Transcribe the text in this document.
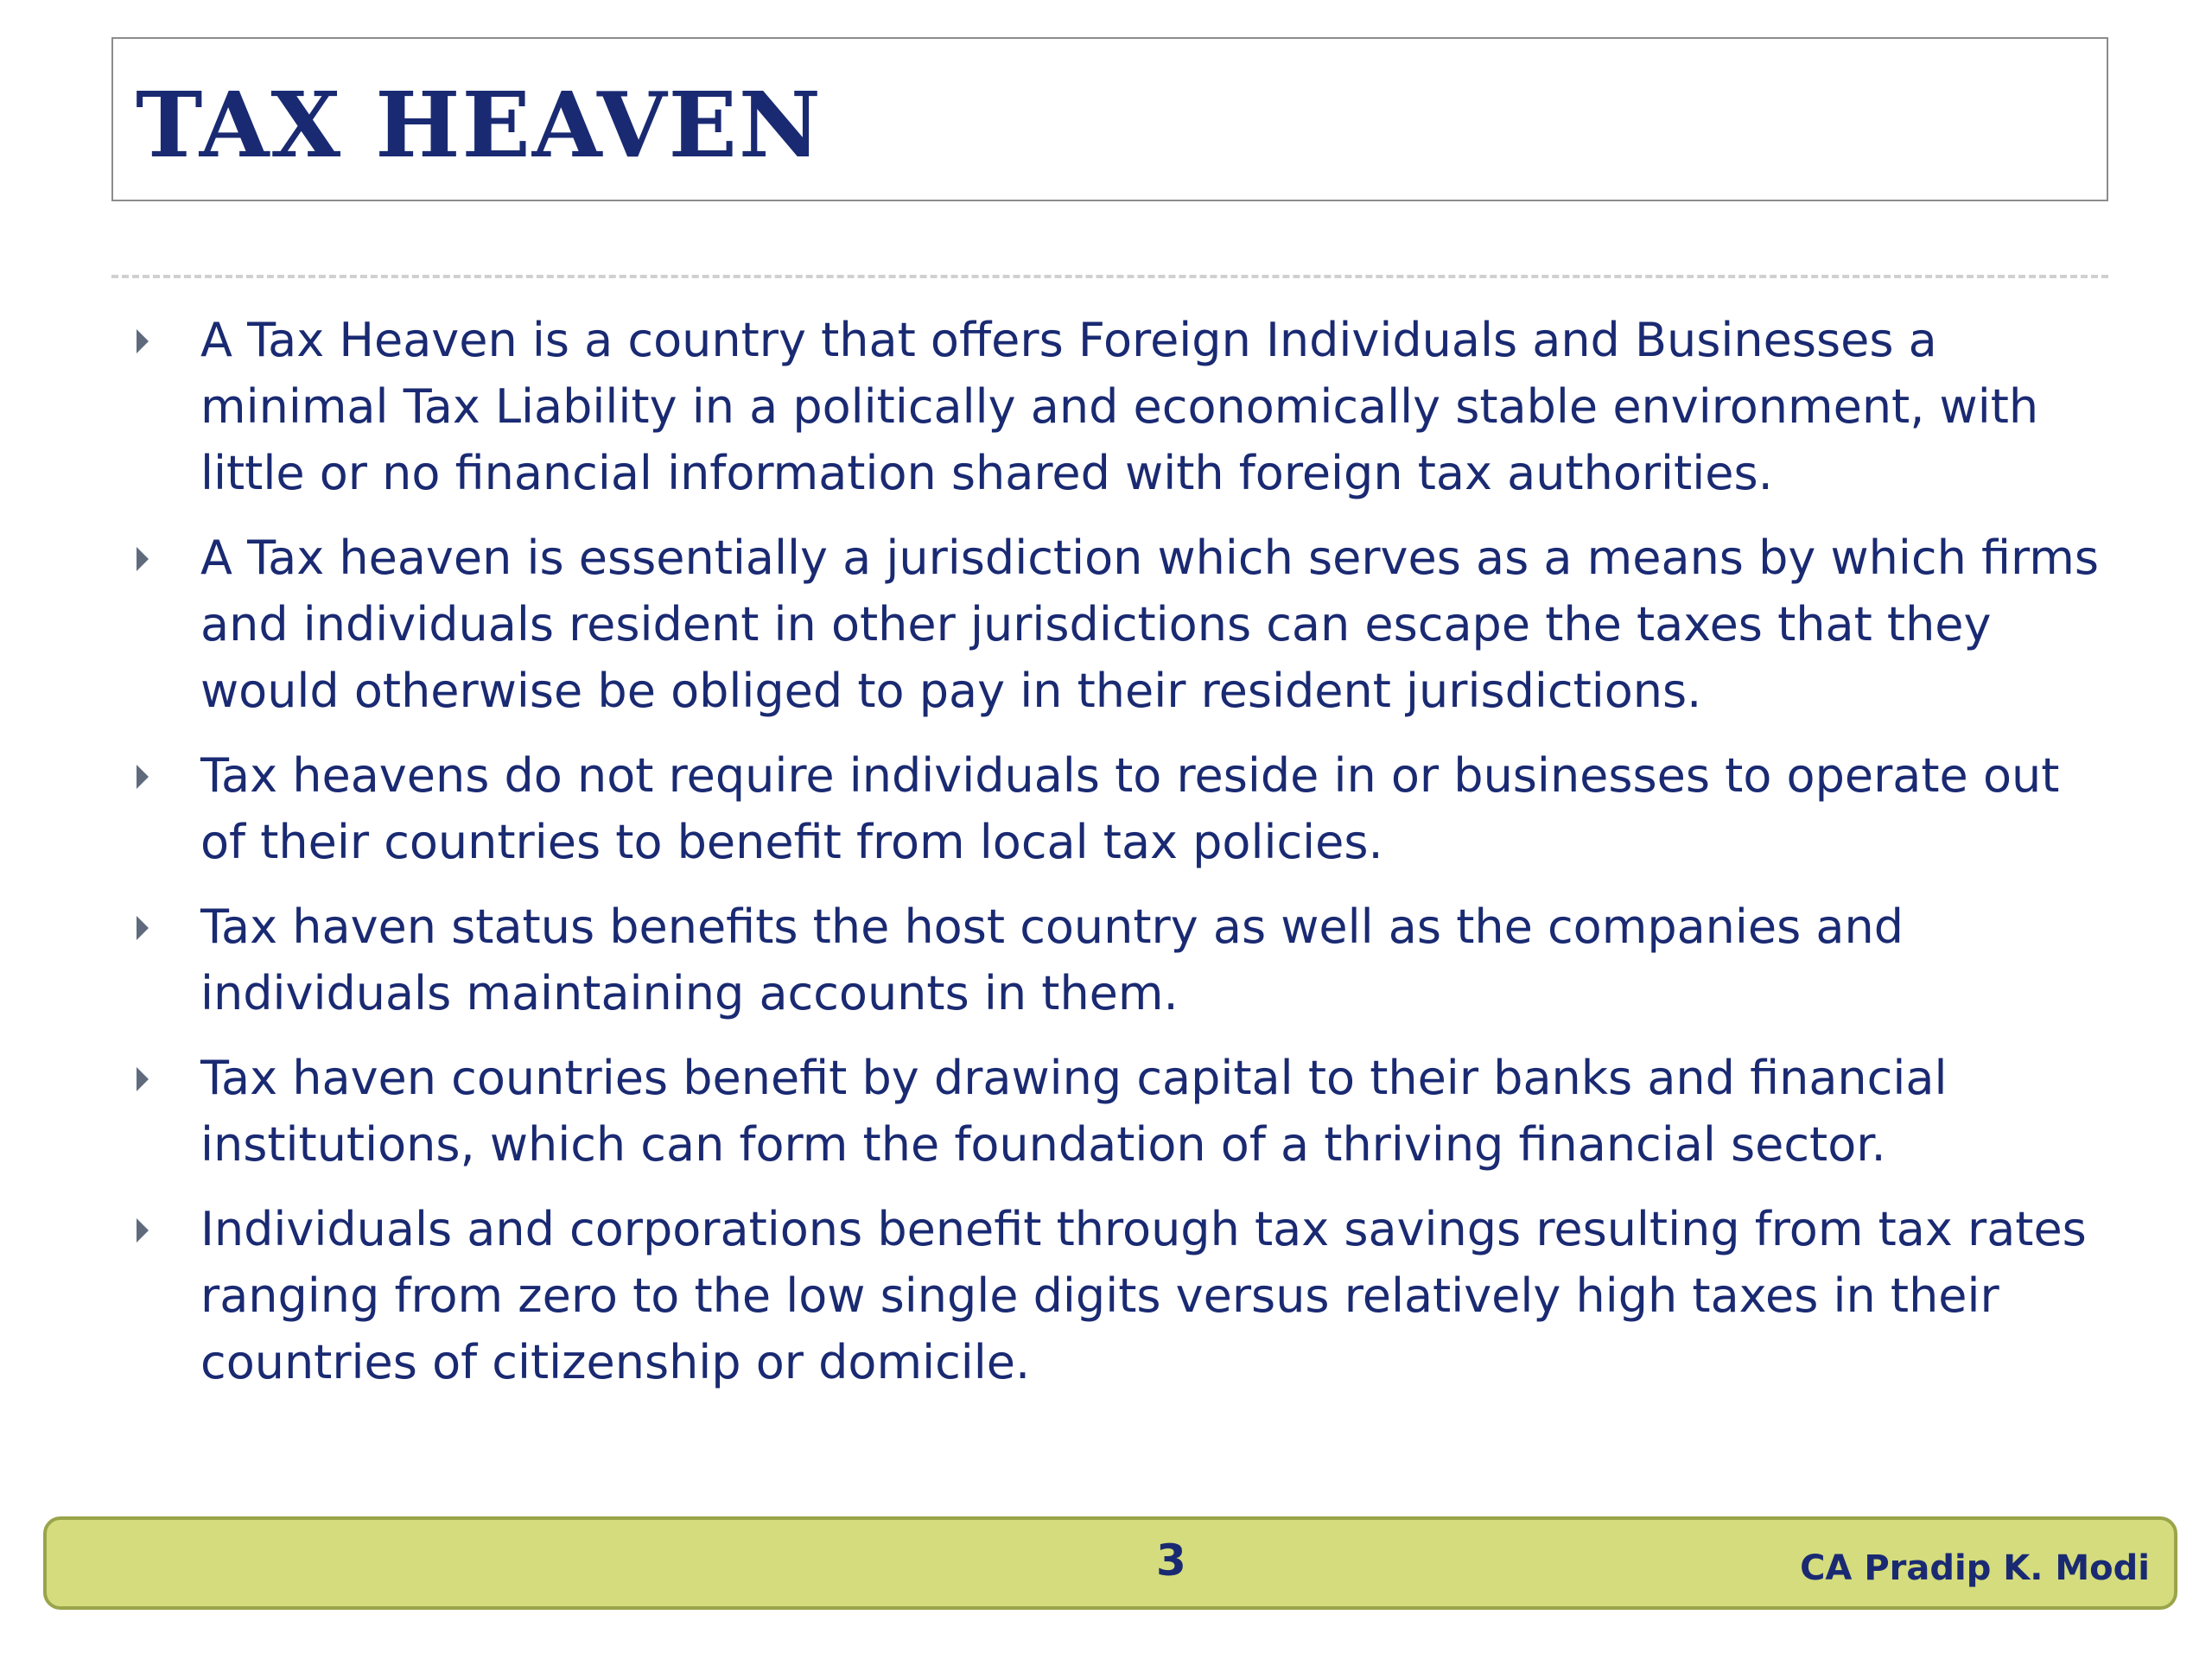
TAX HEAVEN
A Tax Heaven is a country that offers Foreign Individuals and Businesses a minimal Tax Liability in a politically and economically stable environment, with little or no financial information shared with foreign tax authorities.
A Tax heaven is essentially a jurisdiction which serves as a means by which firms and individuals resident in other jurisdictions can escape the taxes that they would otherwise be obliged to pay in their resident jurisdictions.
Tax heavens do not require individuals to reside in or businesses to operate out of their countries to benefit from local tax policies.
Tax haven status benefits the host country as well as the companies and individuals maintaining accounts in them.
Tax haven countries benefit by drawing capital to their banks and financial institutions, which can form the foundation of a thriving financial sector.
Individuals and corporations benefit through tax savings resulting from tax rates ranging from zero to the low single digits versus relatively high taxes in their countries of citizenship or domicile.
3	CA Pradip K. Modi
